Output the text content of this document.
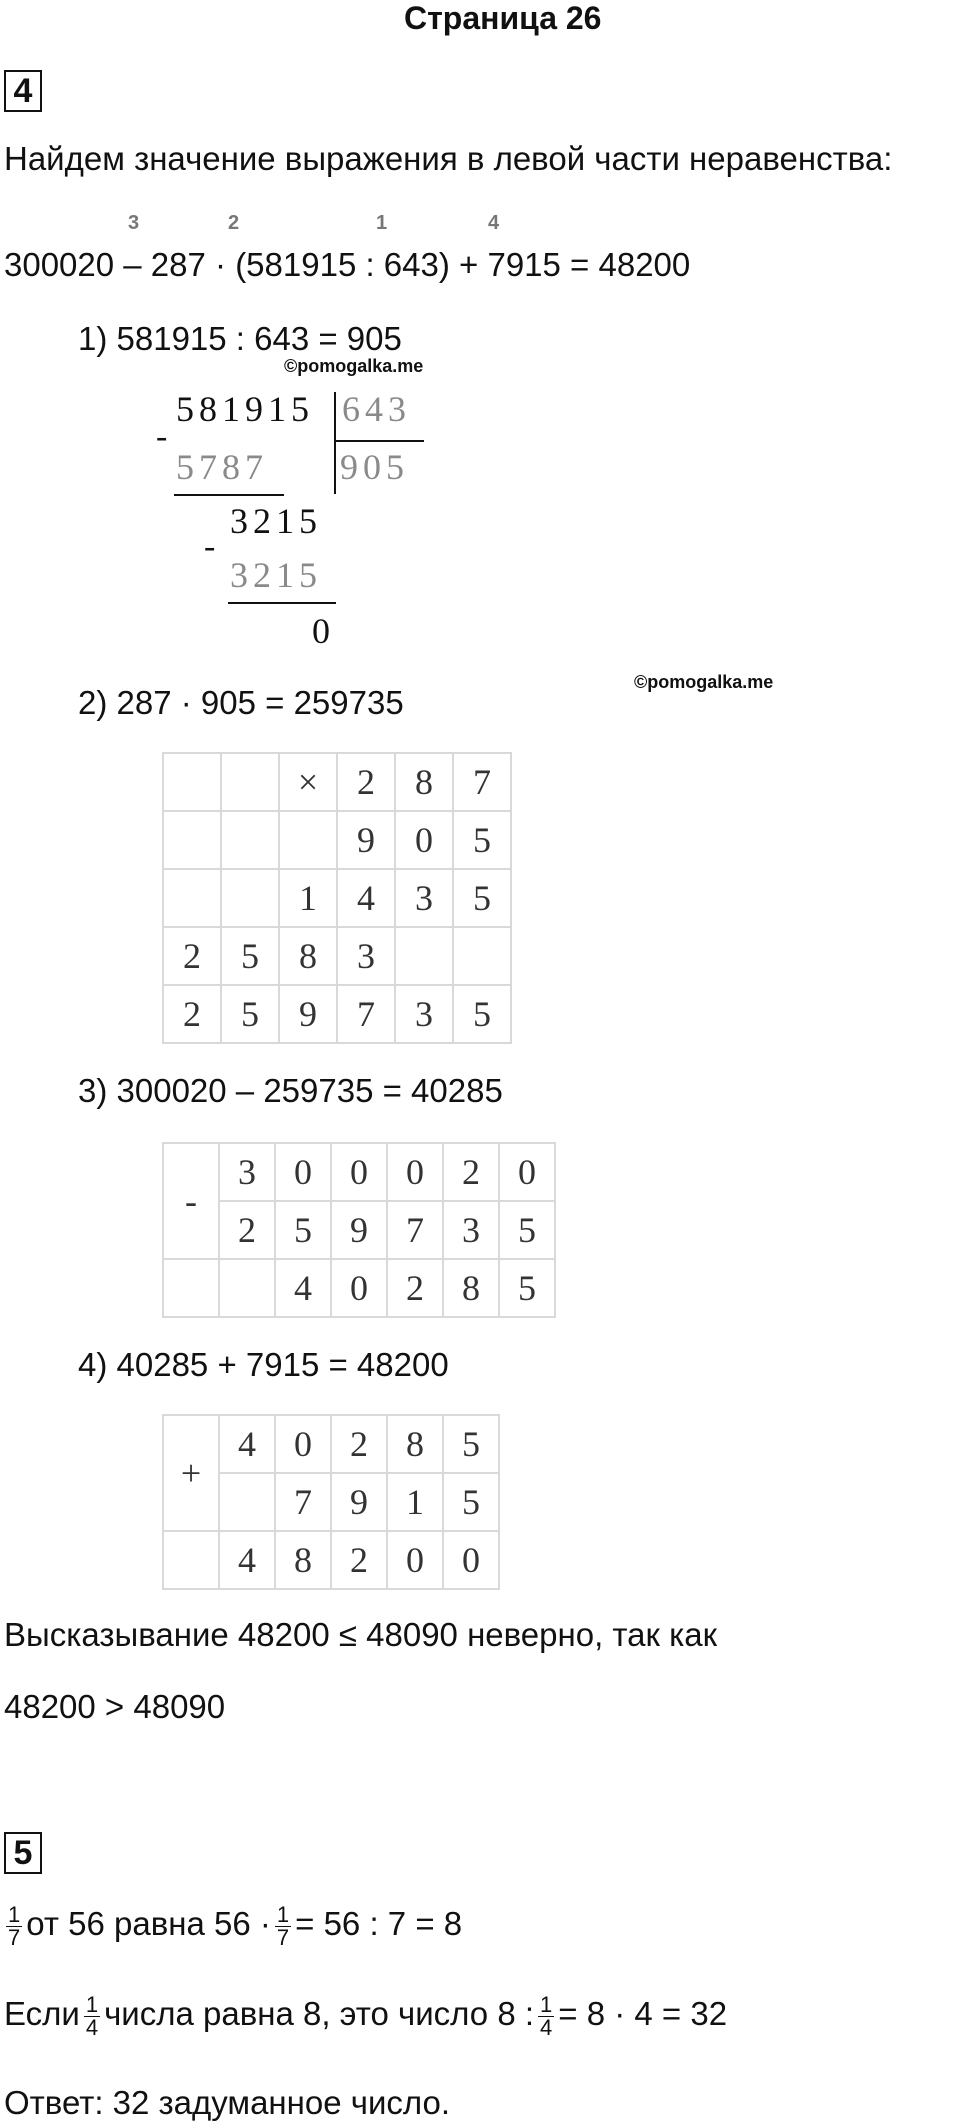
Страница 26
4
Найдем значение выражения в левой части неравенства:
3	2	1	4
300020 – 287 · (581915 : 643) + 7915 = 48200
1) 581915 : 643 = 905
©pomogalka.me
581915 643
905
-
5787
3215
-
3215
0
2) 287 · 905 = 259735
©pomogalka.me
		×	2	8	7
			9	0	5
		1	4	3	5
2	5	8	3		
2	5	9	7	3	5
3) 300020 – 259735 = 40285
-	3	0	0	0	2	0
	2	5	9	7	3	5
		4	0	2	8	5
4) 40285 + 7915 = 48200
+	4	0	2	8	5
		7	9	1	5
	4	8	2	0	0
Высказывание 48200 ≤ 48090 неверно, так как
48200 > 48090
5
$\frac{1}{7}$ от 56 равна $56 \cdot \frac{1}{7} = 56$ : 7 = 8
Если $\frac{1}{4}$ числа равна 8, это число 8 : $\frac{1}{4} = 8 \cdot 4 = 32$
Ответ: 32 задуманное число.
